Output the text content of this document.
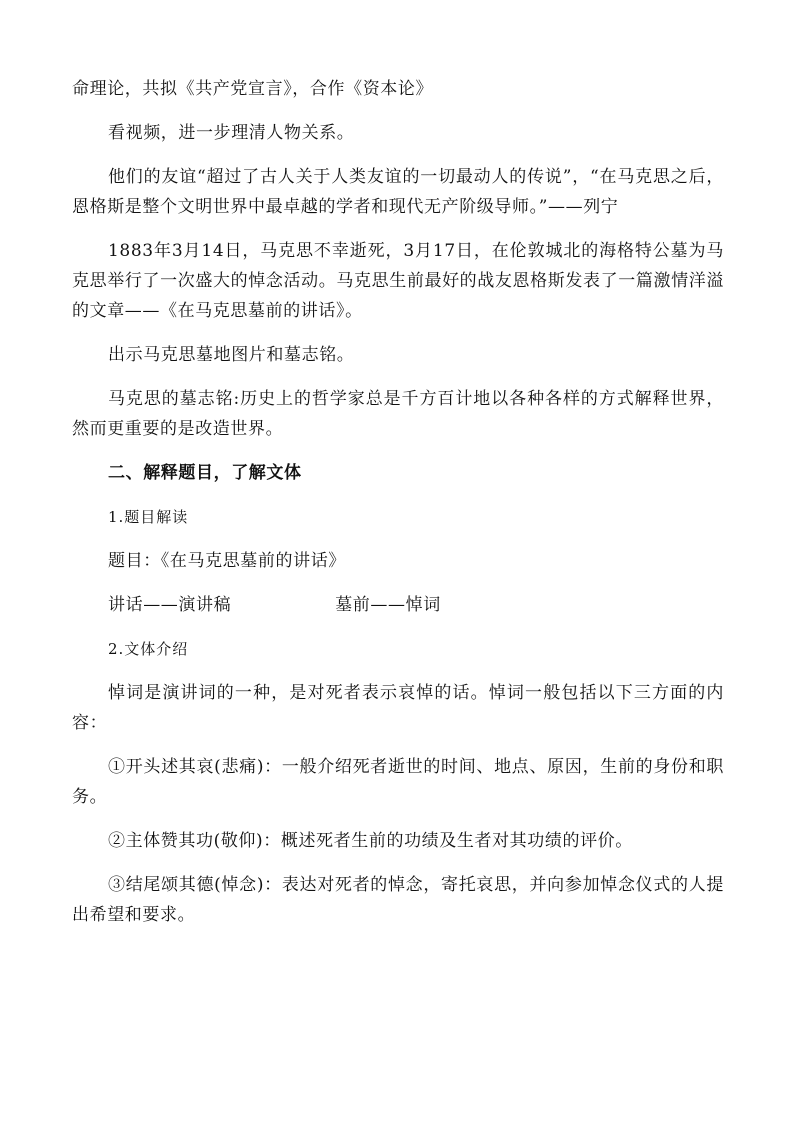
命理论，共拟《共产党宣言》，合作《资本论》

看视频，进一步理清人物关系。

他们的友谊“超过了古人关于人类友谊的一切最动人的传说”，“在马克思之后，恩格斯是整个文明世界中最卓越的学者和现代无产阶级导师。”——列宁

1883年3月14日，马克思不幸逝死，3月17日，在伦敦城北的海格特公墓为马克思举行了一次盛大的悼念活动。马克思生前最好的战友恩格斯发表了一篇激情洋溢的文章——《在马克思墓前的讲话》。

出示马克思墓地图片和墓志铭。

马克思的墓志铭:历史上的哲学家总是千方百计地以各种各样的方式解释世界，然而更重要的是改造世界。

二、解释题目，了解文体

1.题目解读

题目：《在马克思墓前的讲话》

讲话——演讲稿	墓前——悼词

2.文体介绍

悼词是演讲词的一种，是对死者表示哀悼的话。悼词一般包括以下三方面的内容：

①开头述其哀(悲痛)：一般介绍死者逝世的时间、地点、原因，生前的身份和职务。

②主体赞其功(敬仰)：概述死者生前的功绩及生者对其功绩的评价。

③结尾颂其德(悼念)：表达对死者的悼念，寄托哀思，并向参加悼念仪式的人提出希望和要求。
